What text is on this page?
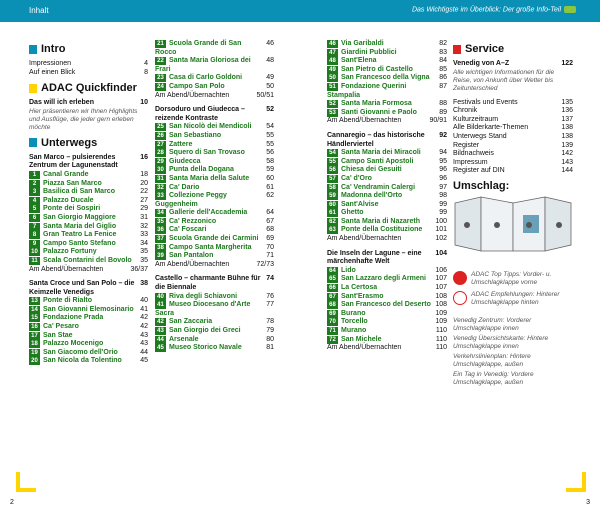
Inhalt	Das Wichtigste im Überblick: Der große Info-Teil
Intro
Impressionen	4
Auf einen Blick	8
ADAC Quickfinder
Das will ich erleben	10
Hier präsentieren wir Ihnen Highlights und Ausflüge, die jeder gern erleben möchte
Unterwegs
San Marco – pulsierendes Zentrum der Lagunenstadt
16
1 Canal Grande	18
2 Piazza San Marco	20
3 Basilica di San Marco	22
4 Palazzo Ducale	27
5 Ponte dei Sospiri	29
6 San Giorgio Maggiore	31
7 Santa Maria del Giglio	32
8 Gran Teatro La Fenice	33
9 Campo Santo Stefano	34
10 Palazzo Fortuny	35
11 Scala Contarini del Bovolo	35
Am Abend/Übernachten	36/37
Santa Croce und San Polo – die Keimzelle Venedigs
38
13 Ponte di Rialto	40
14 San Giovanni Elemosinario 41
15 Fondazione Prada	42
16 Ca' Pesaro	42
17 San Stae	43
18 Palazzo Mocenigo	43
19 San Giacomo dell'Orio	44
20 San Nicola da Tolentino	45
21 Scuola Grande di San Rocco
46
22 Santa Maria Gloriosa dei Frari
48
23 Casa di Carlo Goldoni	49
24 Campo San Polo	50
Am Abend/Übernachten	50/51
Dorsoduro und Giudecca – reizende Kontraste
52
25 San Nicolò dei Mendicoli	54
26 San Sebastiano	55
27 Zattere	55
28 Squero di San Trovaso	56
29 Giudecca	58
30 Punta della Dogana	59
31 Santa Maria della Salute	60
32 Ca' Dario	61
33 Collezione Peggy Guggenheim
62
34 Gallerie dell'Accademia	64
35 Ca' Rezzonico	67
36 Ca' Foscari	68
37 Scuola Grande dei Carmini	69
38 Campo Santa Margherita	70
39 San Pantalon	71
Am Abend/Übernachten	72/73
Castello – charmante Bühne für die Biennale
74
40 Riva degli Schiavoni	76
41 Museo Diocesano d'Arte Sacra
77
42 San Zaccaria	78
43 San Giorgio dei Greci	79
44 Arsenale	80
45 Museo Storico Navale	81
46 Via Garibaldi	82
47 Giardini Pubblici	83
48 Sant'Elena	84
49 San Pietro di Castello	85
50 San Francesco della Vigna	86
51 Fondazione Querini Stampalia
87
52 Santa Maria Formosa	88
53 Santi Giovanni e Paolo	89
Am Abend/Übernachten	90/91
Cannaregio – das historische Händlerviertel
92
54 Santa Maria dei Miracoli	94
55 Campo Santi Apostoli	95
56 Chiesa dei Gesuiti	96
57 Ca' d'Oro	96
58 Ca' Vendramin Calergi	97
59 Madonna dell'Orto	98
60 Sant'Alvise	99
61 Ghetto	99
62 Santa Maria di Nazareth	100
63 Ponte della Costituzione	101
Am Abend/Übernachten	102
Die Inseln der Lagune – eine märchenhafte Welt
104
64 Lido	106
65 San Lazzaro degli Armeni	107
66 La Certosa	107
67 Sant'Erasmo	108
68 San Francesco del Deserto 108
69 Burano	109
70 Torcello	109
71 Murano	110
72 San Michele	110
Am Abend/Übernachten	110
Service
Venedig von A–Z	122
Alle wichtigen Informationen für die Reise, von Ankunft über Wetter bis Zeitunterschied
Festivals und Events	135
Chronik	136
Kulturzeitraum	137
Alle Bilderkarte-Themen	138
Unterwegs Stand	138
Register	139
Bildnachweis	142
Impressum	143
Register auf DIN	144
Umschlag:
ADAC Top Tipps: Vorder- u. Umschlagklappe vorne
ADAC Empfehlungen: Hinterer Umschlagklappe hinten
Venedig Zentrum: Vorderer Umschlagklappe innen
Venedig Übersichtskarte: Hintere Umschlagklappe innen
Verkehrslinienplan: Hintere Umschlagklappe, außen
Ein Tag in Venedig: Vordere Umschlagklappe, außen
2	3
